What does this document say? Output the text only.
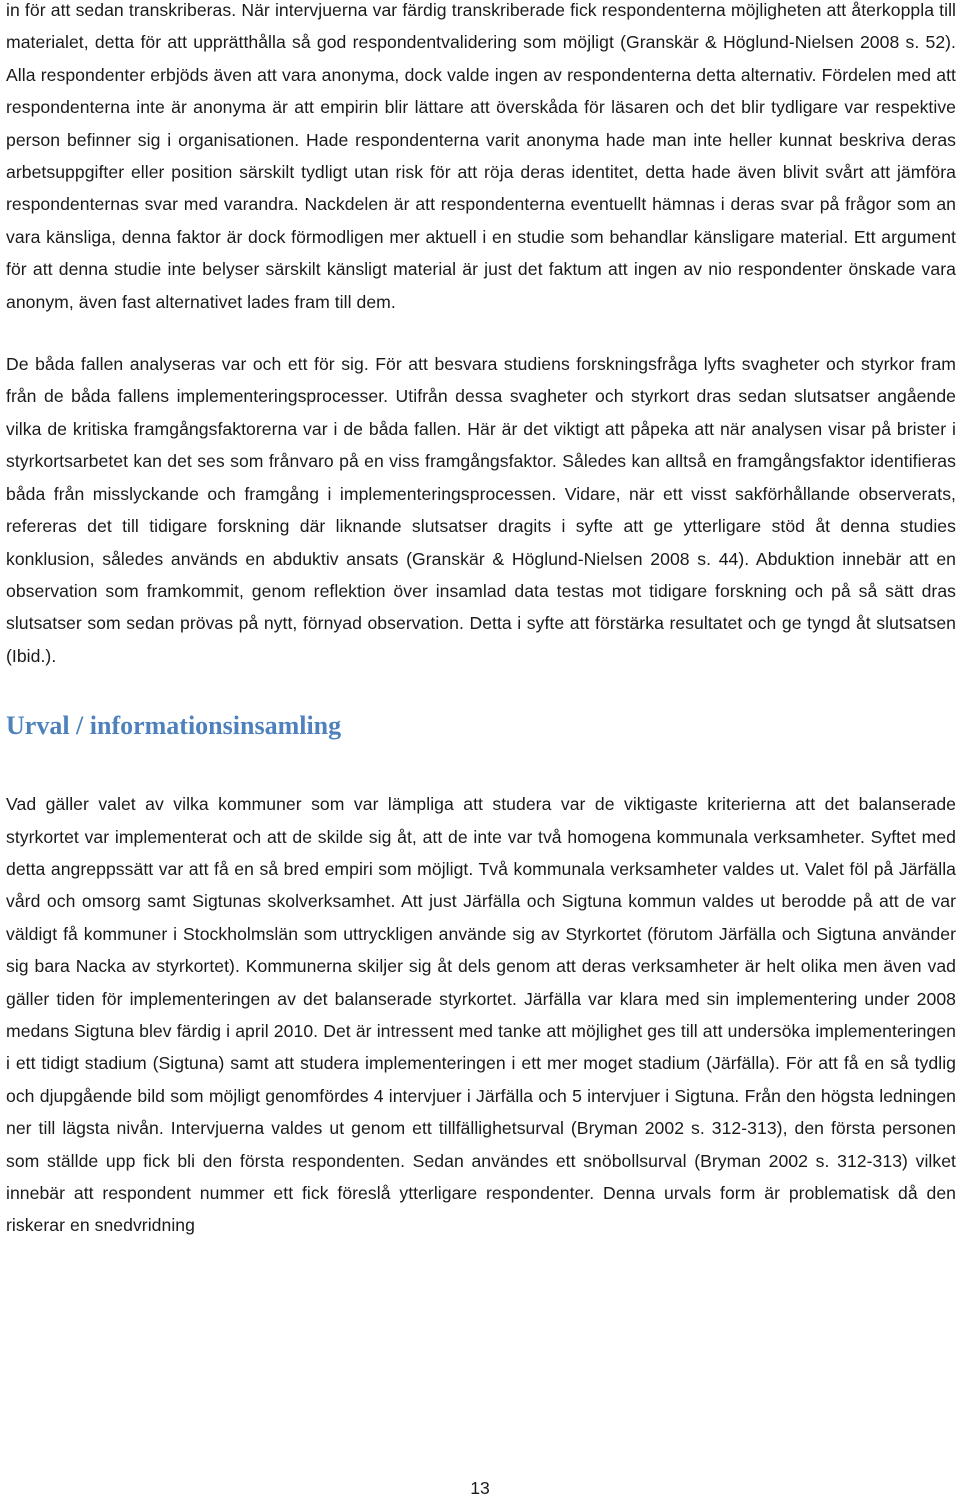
in för att sedan transkriberas. När intervjuerna var färdig transkriberade fick respondenterna möjligheten att återkoppla till materialet, detta för att upprätthålla så god respondentvalidering som möjligt (Granskär & Höglund-Nielsen 2008 s. 52). Alla respondenter erbjöds även att vara anonyma, dock valde ingen av respondenterna detta alternativ. Fördelen med att respondenterna inte är anonyma är att empirin blir lättare att överskåda för läsaren och det blir tydligare var respektive person befinner sig i organisationen. Hade respondenterna varit anonyma hade man inte heller kunnat beskriva deras arbetsuppgifter eller position särskilt tydligt utan risk för att röja deras identitet, detta hade även blivit svårt att jämföra respondenternas svar med varandra. Nackdelen är att respondenterna eventuellt hämnas i deras svar på frågor som an vara känsliga, denna faktor är dock förmodligen mer aktuell i en studie som behandlar känsligare material. Ett argument för att denna studie inte belyser särskilt känsligt material är just det faktum att ingen av nio respondenter önskade vara anonym, även fast alternativet lades fram till dem.

De båda fallen analyseras var och ett för sig. För att besvara studiens forskningsfråga lyfts svagheter och styrkor fram från de båda fallens implementeringsprocesser. Utifrån dessa svagheter och styrkort dras sedan slutsatser angående vilka de kritiska framgångsfaktorerna var i de båda fallen. Här är det viktigt att påpeka att när analysen visar på brister i styrkortsarbetet kan det ses som frånvaro på en viss framgångsfaktor. Således kan alltså en framgångsfaktor identifieras båda från misslyckande och framgång i implementeringsprocessen. Vidare, när ett visst sakförhållande observerats, refereras det till tidigare forskning där liknande slutsatser dragits i syfte att ge ytterligare stöd åt denna studies konklusion, således används en abduktiv ansats (Granskär & Höglund-Nielsen 2008 s. 44). Abduktion innebär att en observation som framkommit, genom reflektion över insamlad data testas mot tidigare forskning och på så sätt dras slutsatser som sedan prövas på nytt, förnyad observation. Detta i syfte att förstärka resultatet och ge tyngd åt slutsatsen (Ibid.).

Urval / informationsinsamling

Vad gäller valet av vilka kommuner som var lämpliga att studera var de viktigaste kriterierna att det balanserade styrkortet var implementerat och att de skilde sig åt, att de inte var två homogena kommunala verksamheter. Syftet med detta angreppssätt var att få en så bred empiri som möjligt. Två kommunala verksamheter valdes ut. Valet föl på Järfälla vård och omsorg samt Sigtunas skolverksamhet. Att just Järfälla och Sigtuna kommun valdes ut berodde på att de var väldigt få kommuner i Stockholmslän som uttryckligen använde sig av Styrkortet (förutom Järfälla och Sigtuna använder sig bara Nacka av styrkortet). Kommunerna skiljer sig åt dels genom att deras verksamheter är helt olika men även vad gäller tiden för implementeringen av det balanserade styrkortet. Järfälla var klara med sin implementering under 2008 medans Sigtuna blev färdig i april 2010. Det är intressent med tanke att möjlighet ges till att undersöka implementeringen i ett tidigt stadium (Sigtuna) samt att studera implementeringen i ett mer moget stadium (Järfälla). För att få en så tydlig och djupgående bild som möjligt genomfördes 4 intervjuer i Järfälla och 5 intervjuer i Sigtuna. Från den högsta ledningen ner till lägsta nivån. Intervjuerna valdes ut genom ett tillfällighetsurval (Bryman 2002 s. 312-313), den första personen som ställde upp fick bli den första respondenten. Sedan användes ett snöbollsurval (Bryman 2002 s. 312-313) vilket innebär att respondent nummer ett fick föreslå ytterligare respondenter. Denna urvals form är problematisk då den riskerar en snedvridning

13
